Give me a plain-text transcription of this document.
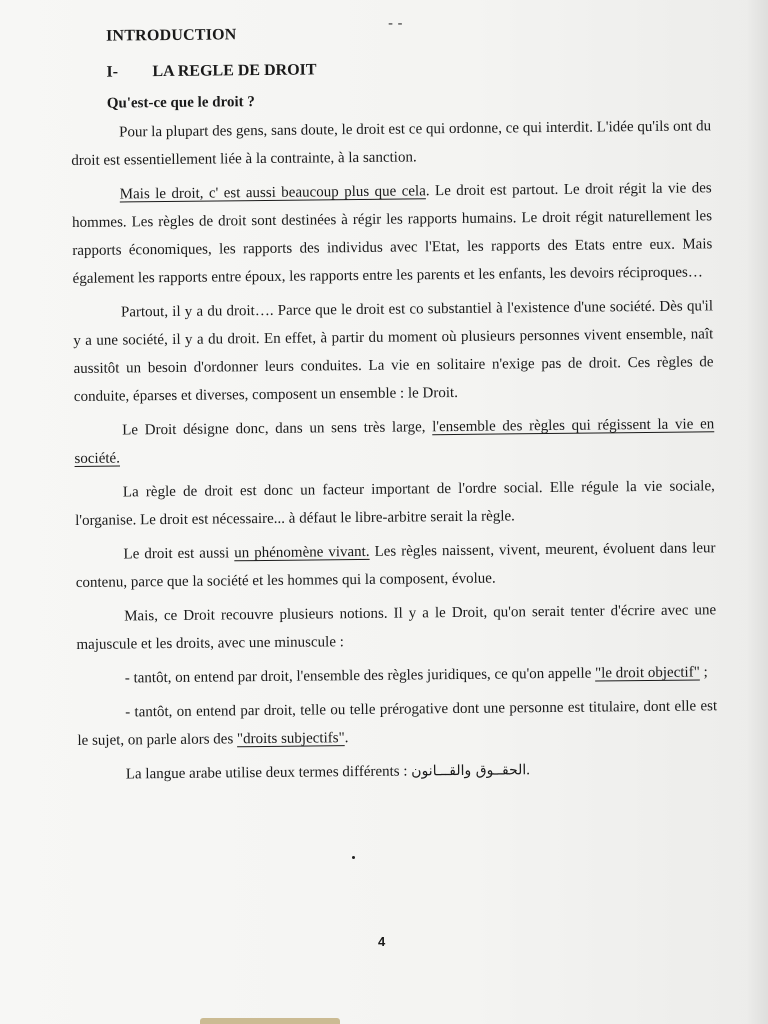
- -
INTRODUCTION
I-	LA REGLE DE DROIT
Qu'est-ce que le droit ?

Pour la plupart des gens, sans doute, le droit est ce qui ordonne, ce qui interdit. L'idée qu'ils ont du droit est essentiellement liée à la contrainte, à la sanction.

Mais le droit, c' est aussi beaucoup plus que cela. Le droit est partout. Le droit régit la vie des hommes. Les règles de droit sont destinées à régir les rapports humains. Le droit régit naturellement les rapports économiques, les rapports des individus avec l'Etat, les rapports des Etats entre eux. Mais également les rapports entre époux, les rapports entre les parents et les enfants, les devoirs réciproques…

Partout, il y a du droit…. Parce que le droit est co substantiel à l'existence d'une société. Dès qu'il y a une société, il y a du droit. En effet, à partir du moment où plusieurs personnes vivent ensemble, naît aussitôt un besoin d'ordonner leurs conduites. La vie en solitaire n'exige pas de droit. Ces règles de conduite, éparses et diverses, composent un ensemble : le Droit.

Le Droit désigne donc, dans un sens très large, l'ensemble des règles qui régissent la vie en société.

La règle de droit est donc un facteur important de l'ordre social. Elle régule la vie sociale, l'organise. Le droit est nécessaire... à défaut le libre-arbitre serait la règle.

Le droit est aussi un phénomène vivant. Les règles naissent, vivent, meurent, évoluent dans leur contenu, parce que la société et les hommes qui la composent, évolue.

Mais, ce Droit recouvre plusieurs notions. Il y a le Droit, qu'on serait tenter d'écrire avec une majuscule et les droits, avec une minuscule :

- tantôt, on entend par droit, l'ensemble des règles juridiques, ce qu'on appelle "le droit objectif" ;

- tantôt, on entend par droit, telle ou telle prérogative dont une personne est titulaire, dont elle est le sujet, on parle alors des "droits subjectifs".

La langue arabe utilise deux termes différents : الحقــوق والقـــانون.

4
